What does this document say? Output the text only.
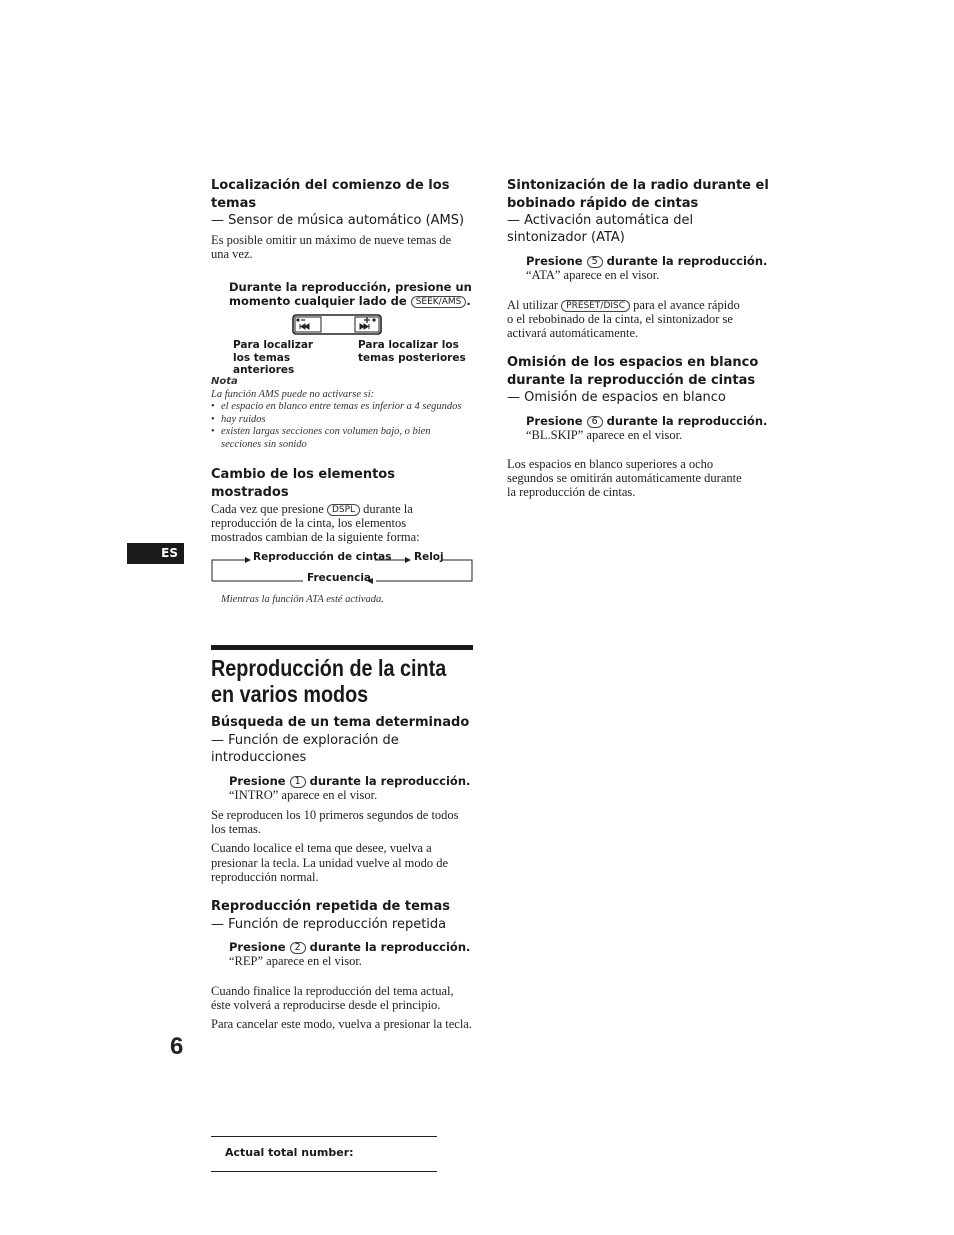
ES
6
Localización del comienzo de los temas
— Sensor de música automático (AMS)
Es posible omitir un máximo de nueve temas de una vez.
Durante la reproducción, presione un momento cualquier lado de SEEK/AMS .
Para localizar los temas anteriores
Para localizar los temas posteriores
Nota
La función AMS puede no activarse si:
• el espacio en blanco entre temas es inferior a 4 segundos
• hay ruidos
• existen largas secciones con volumen bajo, o bien secciones sin sonido
Cambio de los elementos mostrados
Cada vez que presione DSPL durante la reproducción de la cinta, los elementos mostrados cambian de la siguiente forma:
Reproducción de cintas Reloj
Frecuencia
Mientras la función ATA esté activada.
Reproducción de la cinta
en varios modos
Búsqueda de un tema determinado
— Función de exploración de introducciones
Presione 1 durante la reproducción.
“INTRO” aparece en el visor.
Se reproducen los 10 primeros segundos de todos los temas.
Cuando localice el tema que desee, vuelva a presionar la tecla. La unidad vuelve al modo de reproducción normal.
Reproducción repetida de temas
— Función de reproducción repetida
Presione 2 durante la reproducción.
“REP” aparece en el visor.
Cuando finalice la reproducción del tema actual, éste volverá a reproducirse desde el principio.
Para cancelar este modo, vuelva a presionar la tecla.
Actual total number:
Sintonización de la radio durante el bobinado rápido de cintas
— Activación automática del sintonizador (ATA)
Presione 5 durante la reproducción.
“ATA” aparece en el visor.
Al utilizar PRESET/DISC para el avance rápido o el rebobinado de la cinta, el sintonizador se activará automáticamente.
Omisión de los espacios en blanco durante la reproducción de cintas
— Omisión de espacios en blanco
Presione 6 durante la reproducción.
“BL.SKIP” aparece en el visor.
Los espacios en blanco superiores a ocho segundos se omitirán automáticamente durante la reproducción de cintas.
